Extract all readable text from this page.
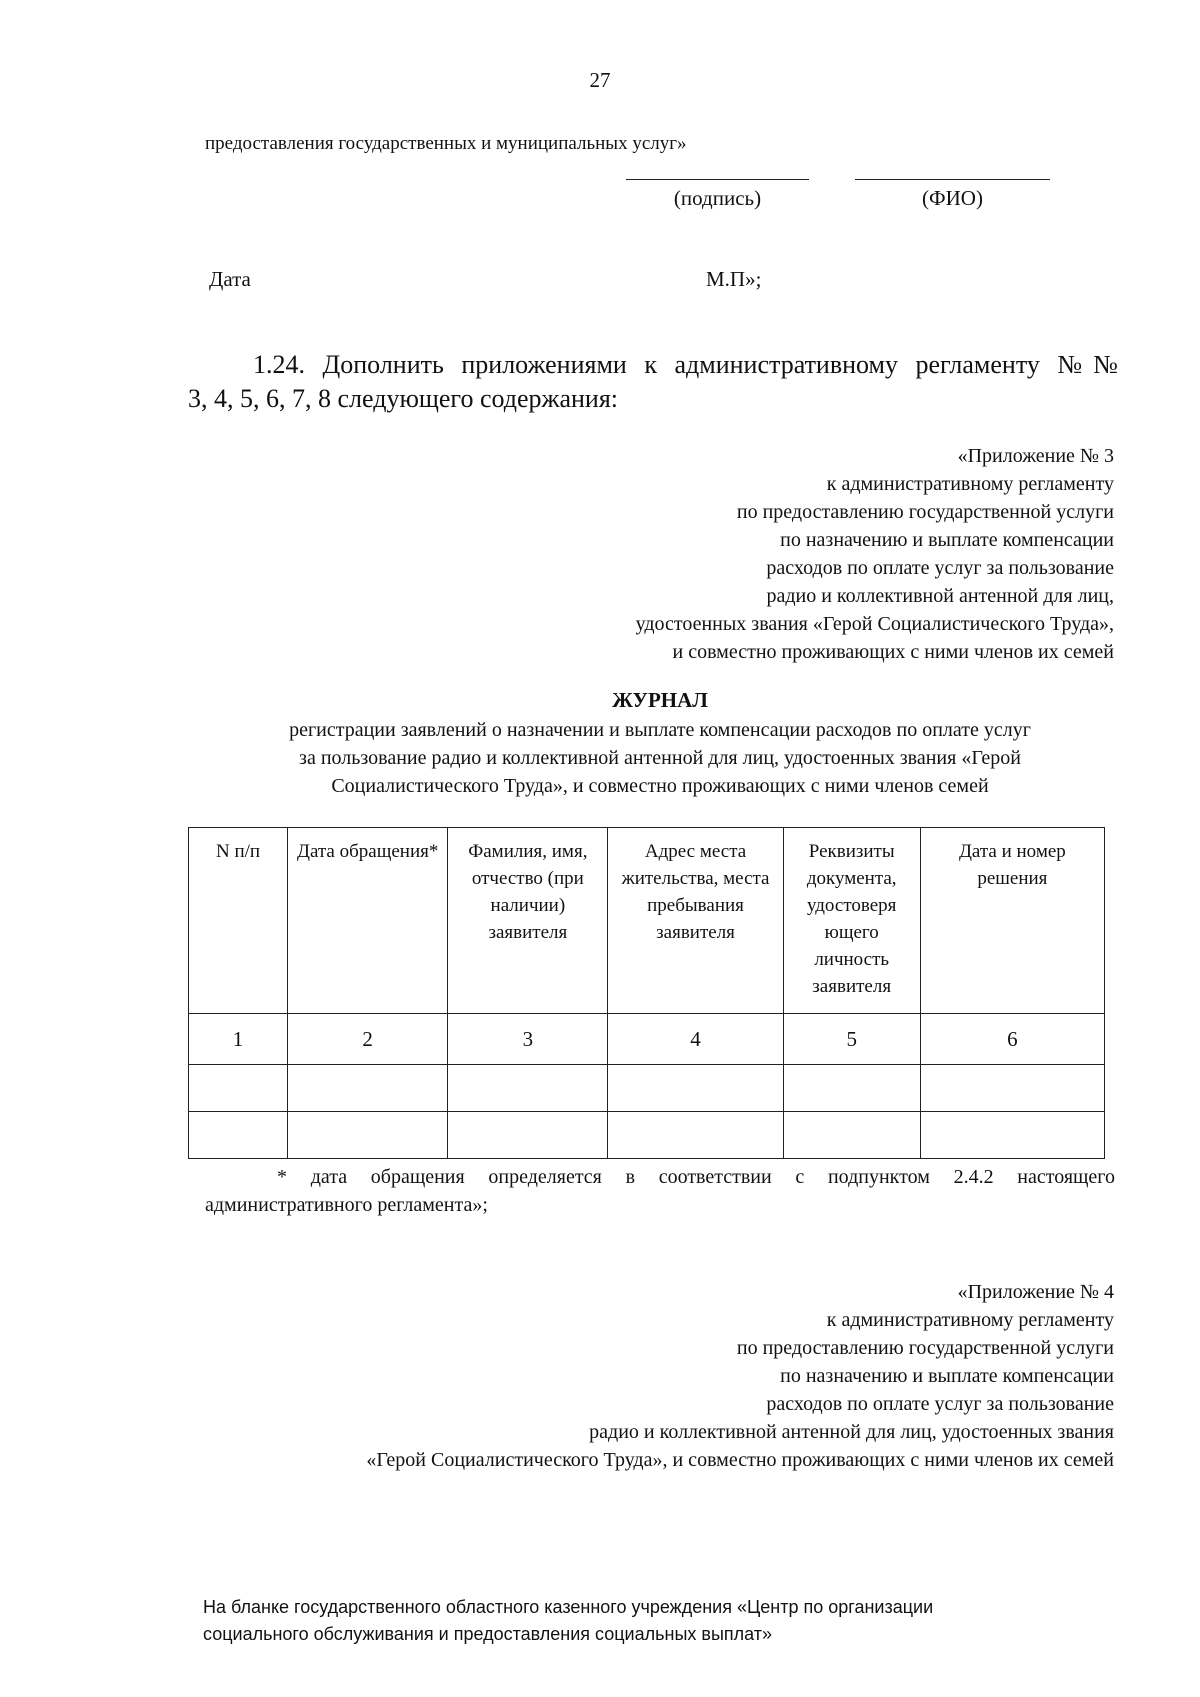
27
предоставления государственных и муниципальных услуг»
(подпись)	(ФИО)
Дата	М.П»;
1.24. Дополнить приложениями к административному регламенту №№
3, 4, 5, 6, 7, 8 следующего содержания:
«Приложение № 3
к административному регламенту
по предоставлению государственной услуги
по назначению и выплате компенсации
расходов по оплате услуг за пользование
радио и коллективной антенной для лиц,
удостоенных звания «Герой Социалистического Труда»,
и совместно проживающих с ними членов их семей
ЖУРНАЛ
регистрации заявлений о назначении и выплате компенсации расходов по оплате услуг
за пользование радио и коллективной антенной для лиц, удостоенных звания «Герой
Социалистического Труда», и совместно проживающих с ними членов семей
N п/п	Дата обращения*	Фамилия, имя, отчество (при наличии) заявителя	Адрес места жительства, места пребывания заявителя	Реквизиты документа, удостоверя ющего личность заявителя	Дата и номер решения
1	2	3	4	5	6

* дата обращения определяется в соответствии с подпунктом 2.4.2 настоящего
административного регламента»;
«Приложение № 4
к административному регламенту
по предоставлению государственной услуги
по назначению и выплате компенсации
расходов по оплате услуг за пользование
радио и коллективной антенной для лиц, удостоенных звания
«Герой Социалистического Труда», и совместно проживающих с ними членов их семей
На бланке государственного областного казенного учреждения «Центр по организации
социального обслуживания и предоставления социальных выплат»
